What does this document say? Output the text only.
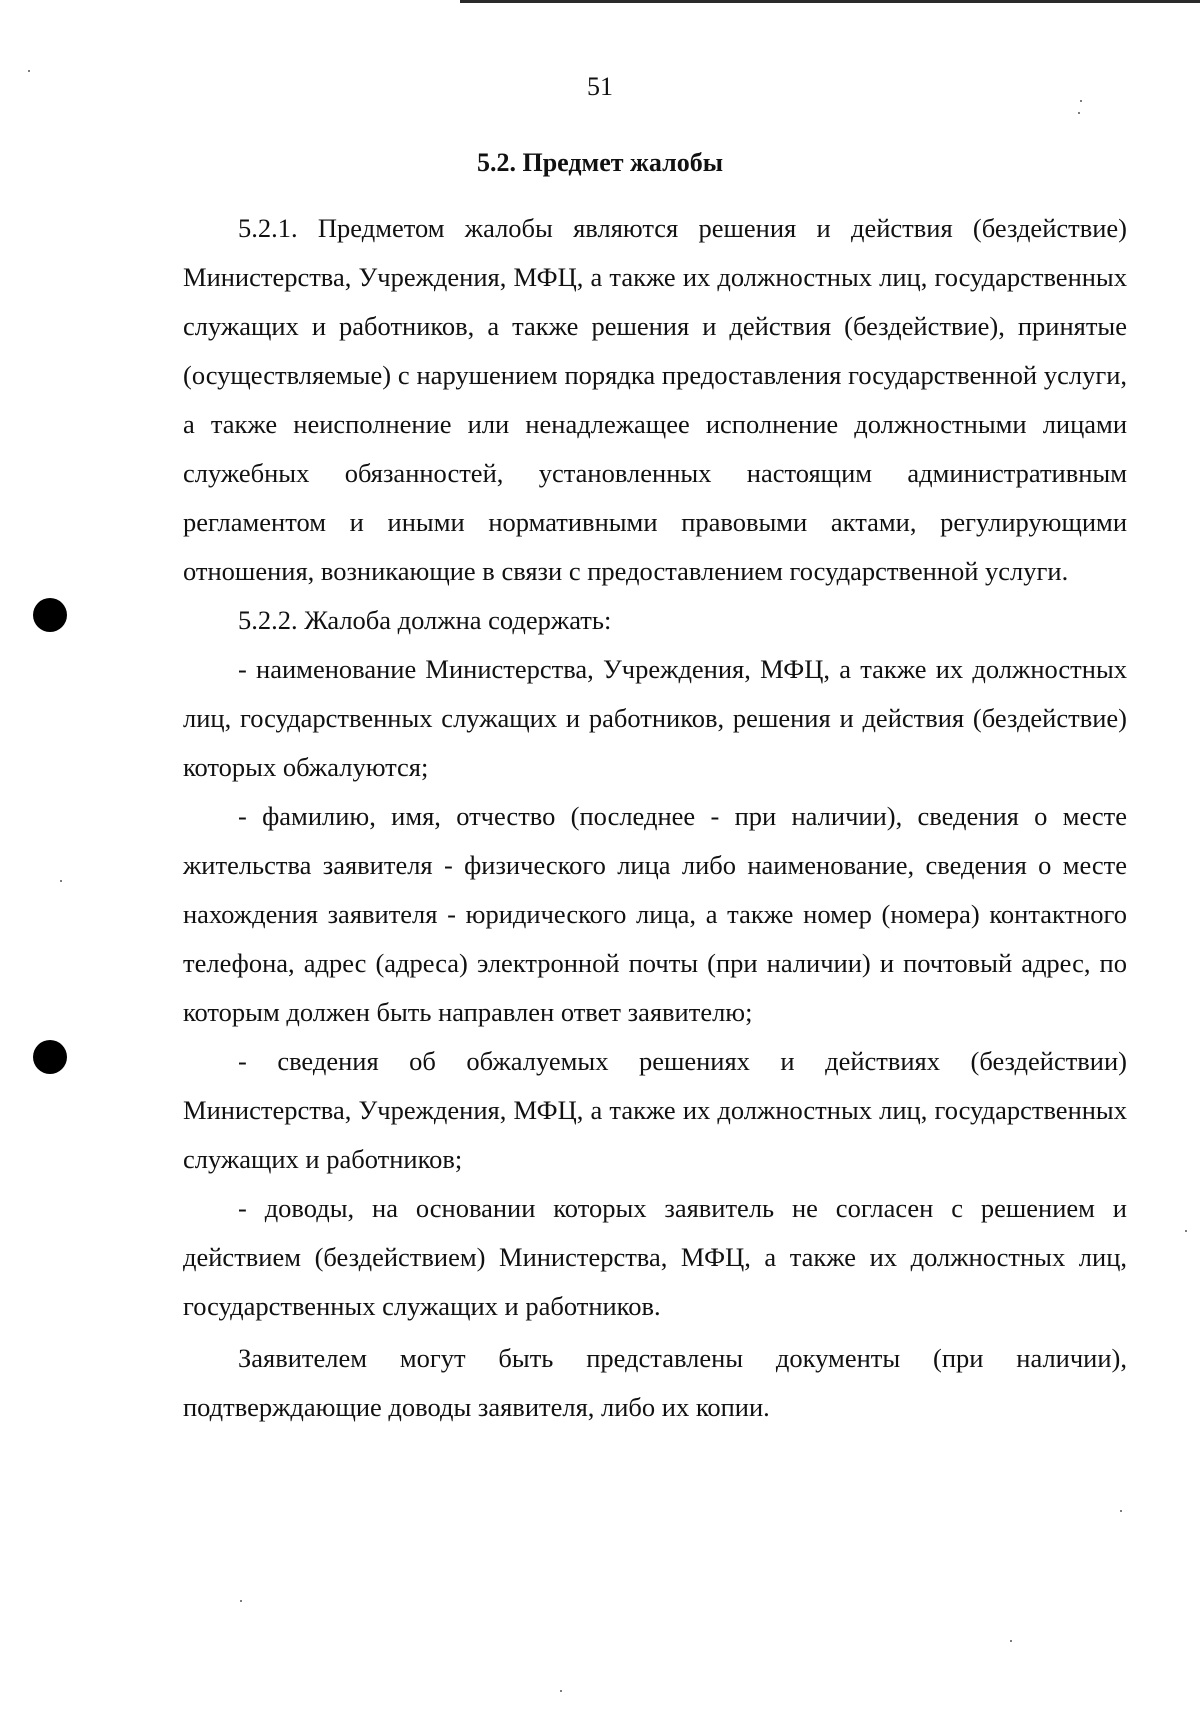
51
5.2. Предмет жалобы

5.2.1. Предметом жалобы являются решения и действия (бездействие) Министерства, Учреждения, МФЦ, а также их должностных лиц, государственных служащих и работников, а также решения и действия (бездействие), принятые (осуществляемые) с нарушением порядка предоставления государственной услуги, а также неисполнение или ненадлежащее исполнение должностными лицами служебных обязанностей, установленных настоящим административным регламентом и иными нормативными правовыми актами, регулирующими отношения, возникающие в связи с предоставлением государственной услуги.

5.2.2. Жалоба должна содержать:

- наименование Министерства, Учреждения, МФЦ, а также их должностных лиц, государственных служащих и работников, решения и действия (бездействие) которых обжалуются;

- фамилию, имя, отчество (последнее - при наличии), сведения о месте жительства заявителя - физического лица либо наименование, сведения о месте нахождения заявителя - юридического лица, а также номер (номера) контактного телефона, адрес (адреса) электронной почты (при наличии) и почтовый адрес, по которым должен быть направлен ответ заявителю;

- сведения об обжалуемых решениях и действиях (бездействии) Министерства, Учреждения, МФЦ, а также их должностных лиц, государственных служащих и работников;

- доводы, на основании которых заявитель не согласен с решением и действием (бездействием) Министерства, МФЦ, а также их должностных лиц, государственных служащих и работников.

Заявителем могут быть представлены документы (при наличии), подтверждающие доводы заявителя, либо их копии.
